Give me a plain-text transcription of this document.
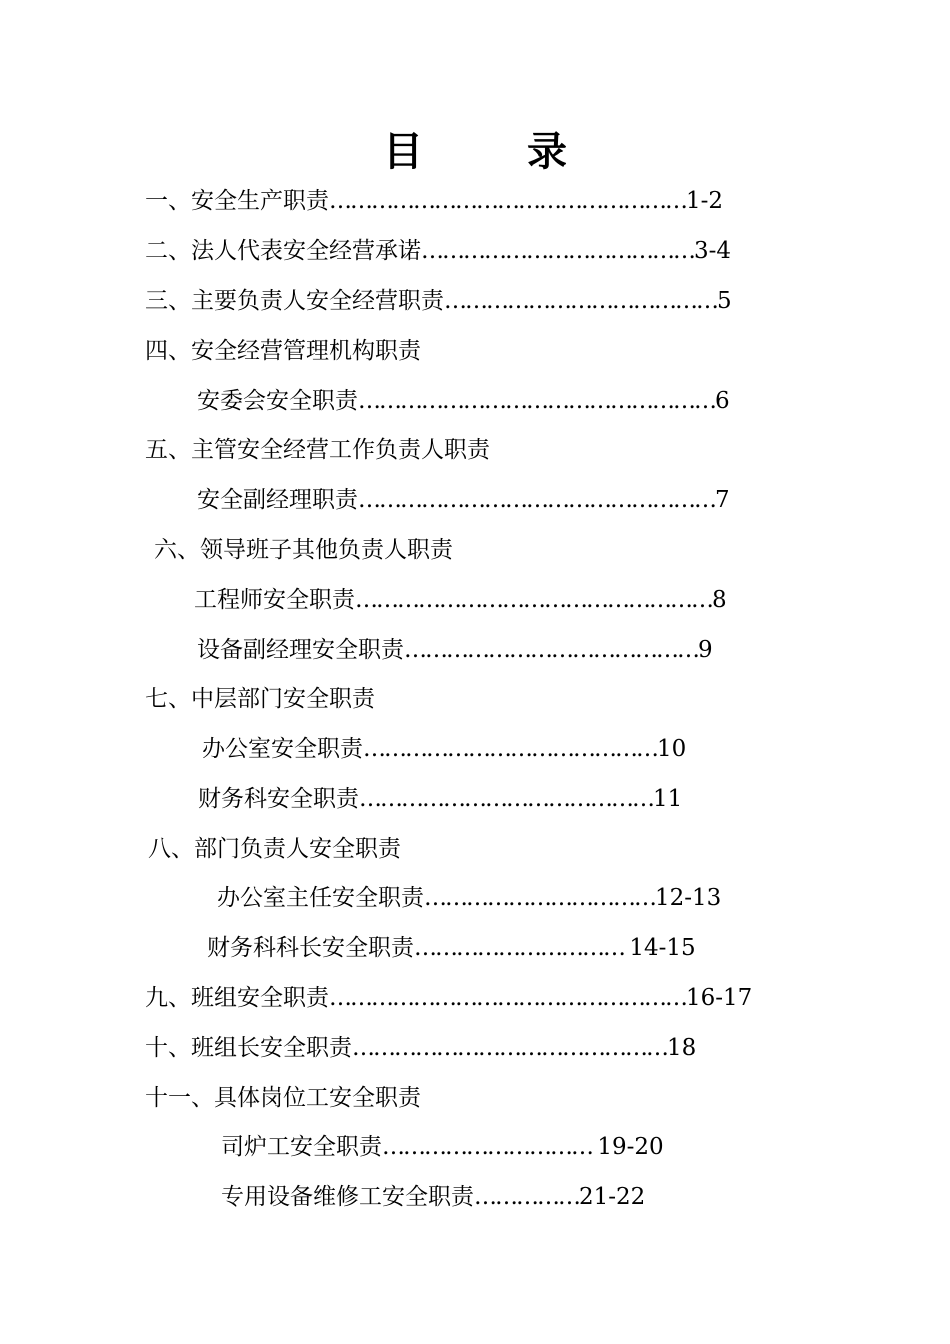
目	录
一、安全生产职责……………………………………………1-2
二、法人代表安全经营承诺…………………………………3-4
三、主要负责人安全经营职责…………………………………5
四、安全经营管理机构职责
安委会安全职责……………………………………………6
五、主管安全经营工作负责人职责
安全副经理职责……………………………………………7
六、领导班子其他负责人职责
工程师安全职责……………………………………………8
设备副经理安全职责……………………………………9
七、中层部门安全职责
办公室安全职责……………………………………10
财务科安全职责……………………………………11
八、部门负责人安全职责
办公室主任安全职责……………………………12-13
财务科科长安全职责………………………… 14-15
九、班组安全职责……………………………………………16-17
十、班组长安全职责………………………………………18
十一、具体岗位工安全职责
司炉工安全职责………………………… 19-20
专用设备维修工安全职责……………21-22
